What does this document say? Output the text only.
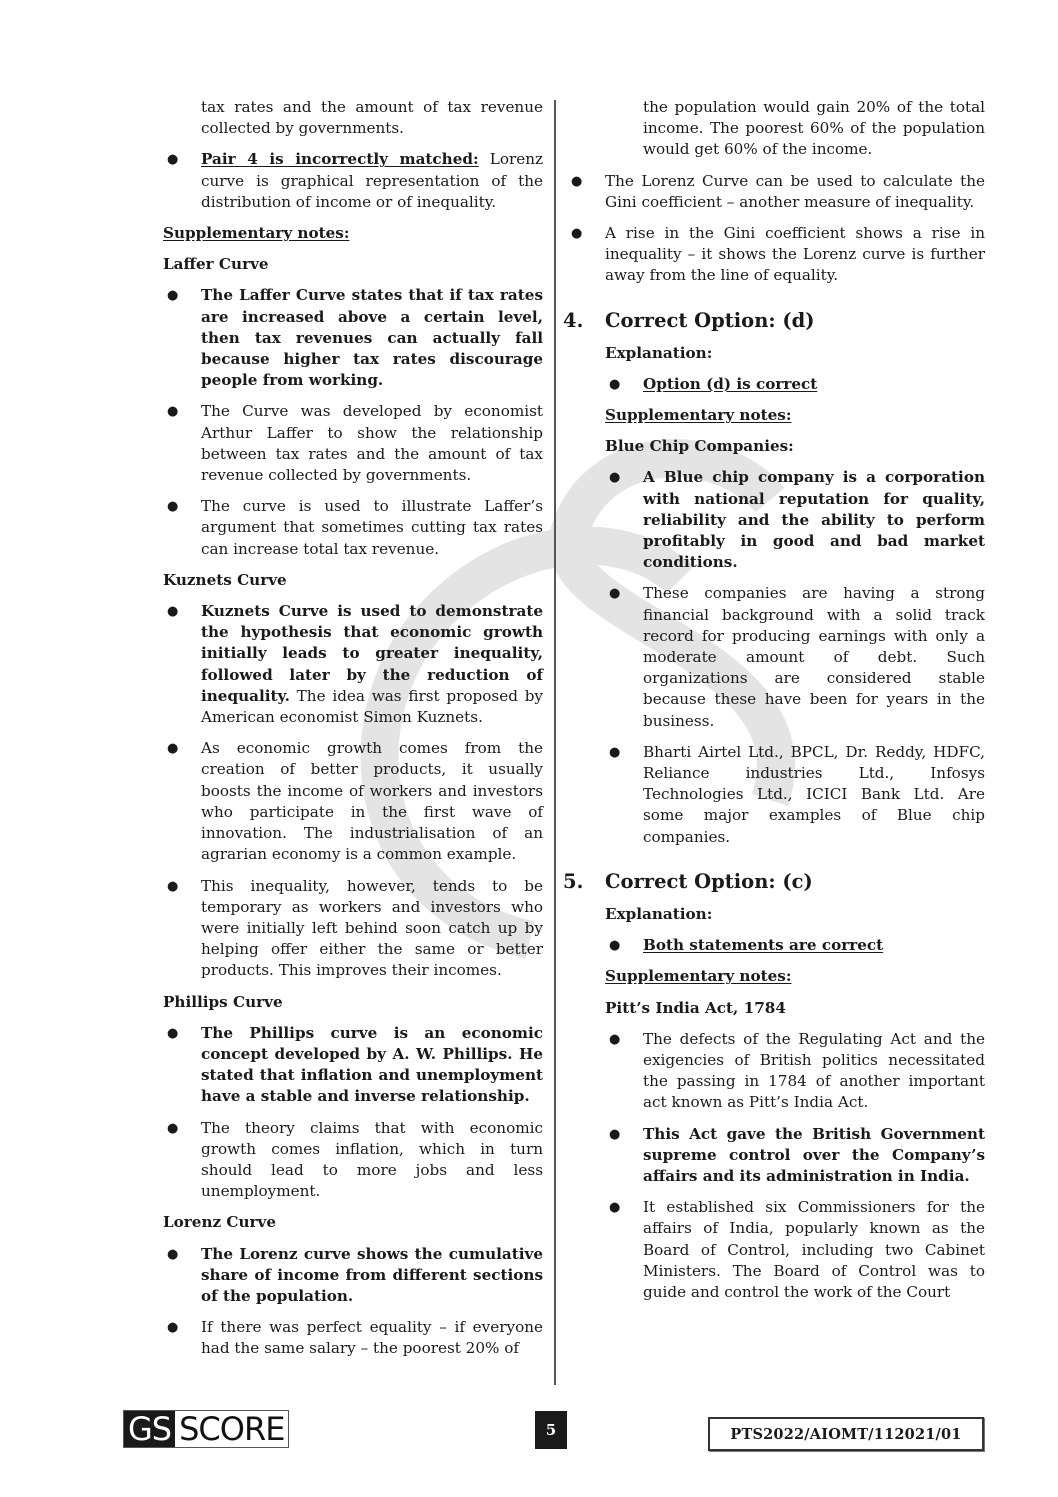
tax rates and the amount of tax revenue collected by governments.

● Pair 4 is incorrectly matched: Lorenz curve is graphical representation of the distribution of income or of inequality.

Supplementary notes:

Laffer Curve

● The Laffer Curve states that if tax rates are increased above a certain level, then tax revenues can actually fall because higher tax rates discourage people from working.
● The Curve was developed by economist Arthur Laffer to show the relationship between tax rates and the amount of tax revenue collected by governments.
● The curve is used to illustrate Laffer’s argument that sometimes cutting tax rates can increase total tax revenue.

Kuznets Curve

● Kuznets Curve is used to demonstrate the hypothesis that economic growth initially leads to greater inequality, followed later by the reduction of inequality. The idea was first proposed by American economist Simon Kuznets.
● As economic growth comes from the creation of better products, it usually boosts the income of workers and investors who participate in the first wave of innovation. The industrialisation of an agrarian economy is a common example.
● This inequality, however, tends to be temporary as workers and investors who were initially left behind soon catch up by helping offer either the same or better products. This improves their incomes.

Phillips Curve

● The Phillips curve is an economic concept developed by A. W. Phillips. He stated that inflation and unemployment have a stable and inverse relationship.
● The theory claims that with economic growth comes inflation, which in turn should lead to more jobs and less unemployment.

Lorenz Curve

● The Lorenz curve shows the cumulative share of income from different sections of the population.
● If there was perfect equality – if everyone had the same salary – the poorest 20% of

the population would gain 20% of the total income. The poorest 60% of the population would get 60% of the income.

● The Lorenz Curve can be used to calculate the Gini coefficient – another measure of inequality.
● A rise in the Gini coefficient shows a rise in inequality – it shows the Lorenz curve is further away from the line of equality.
4. Correct Option: (d)

Explanation:

● Option (d) is correct

Supplementary notes:

Blue Chip Companies:

● A Blue chip company is a corporation with national reputation for quality, reliability and the ability to perform profitably in good and bad market conditions.
● These companies are having a strong financial background with a solid track record for producing earnings with only a moderate amount of debt. Such organizations are considered stable because these have been for years in the business.
● Bharti Airtel Ltd., BPCL, Dr. Reddy, HDFC, Reliance industries Ltd., Infosys Technologies Ltd., ICICI Bank Ltd. Are some major examples of Blue chip companies.
5. Correct Option: (c)

Explanation:

● Both statements are correct

Supplementary notes:

Pitt’s India Act, 1784

● The defects of the Regulating Act and the exigencies of British politics necessitated the passing in 1784 of another important act known as Pitt’s India Act.
● This Act gave the British Government supreme control over the Company’s affairs and its administration in India.
● It established six Commissioners for the affairs of India, popularly known as the Board of Control, including two Cabinet Ministers. The Board of Control was to guide and control the work of the Court
GS SCORE	5	PTS2022/AIOMT/112021/01
